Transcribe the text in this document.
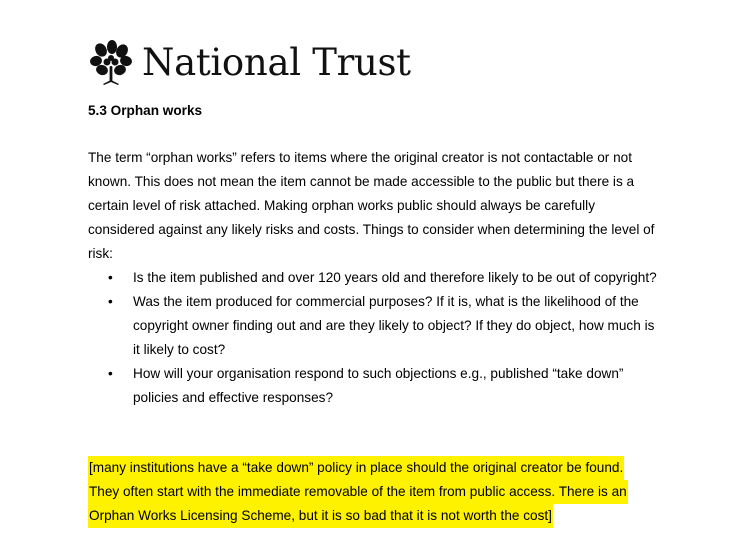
National Trust
5.3 Orphan works

The term “orphan works” refers to items where the original creator is not contactable or not known. This does not mean the item cannot be made accessible to the public but there is a certain level of risk attached. Making orphan works public should always be carefully considered against any likely risks and costs. Things to consider when determining the level of risk:

• Is the item published and over 120 years old and therefore likely to be out of copyright?
• Was the item produced for commercial purposes? If it is, what is the likelihood of the copyright owner finding out and are they likely to object? If they do object, how much is it likely to cost?
• How will your organisation respond to such objections e.g., published “take down” policies and effective responses?
[many institutions have a “take down” policy in place should the original creator be found.
They often start with the immediate removable of the item from public access. There is an
Orphan Works Licensing Scheme, but it is so bad that it is not worth the cost]
